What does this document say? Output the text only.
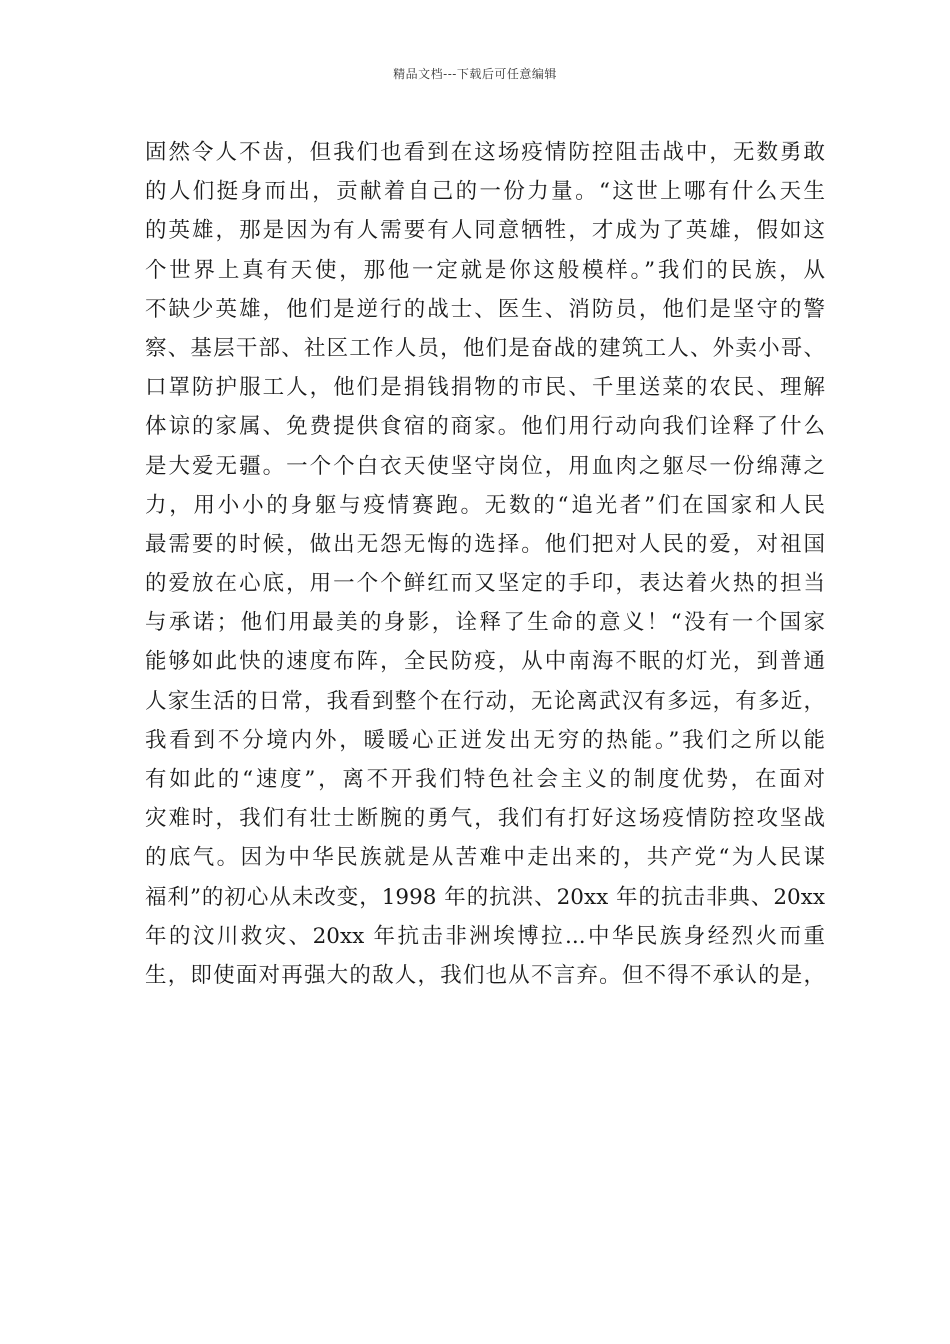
精品文档---下载后可任意编辑
固然令人不齿，但我们也看到在这场疫情防控阻击战中，无数勇敢
的人们挺身而出，贡献着自己的一份力量。“这世上哪有什么天生
的英雄，那是因为有人需要有人同意牺牲，才成为了英雄，假如这
个世界上真有天使，那他一定就是你这般模样。”我们的民族，从
不缺少英雄，他们是逆行的战士、医生、消防员，他们是坚守的警
察、基层干部、社区工作人员，他们是奋战的建筑工人、外卖小哥、
口罩防护服工人，他们是捐钱捐物的市民、千里送菜的农民、理解
体谅的家属、免费提供食宿的商家。他们用行动向我们诠释了什么
是大爱无疆。一个个白衣天使坚守岗位，用血肉之躯尽一份绵薄之
力，用小小的身躯与疫情赛跑。无数的“追光者”们在国家和人民
最需要的时候，做出无怨无悔的选择。他们把对人民的爱，对祖国
的爱放在心底，用一个个鲜红而又坚定的手印，表达着火热的担当
与承诺；他们用最美的身影，诠释了生命的意义！“没有一个国家
能够如此快的速度布阵，全民防疫，从中南海不眠的灯光，到普通
人家生活的日常，我看到整个在行动，无论离武汉有多远，有多近，
我看到不分境内外，暖暖心正迸发出无穷的热能。”我们之所以能
有如此的“速度”，离不开我们特色社会主义的制度优势，在面对
灾难时，我们有壮士断腕的勇气，我们有打好这场疫情防控攻坚战
的底气。因为中华民族就是从苦难中走出来的，共产党“为人民谋
福利”的初心从未改变，1998 年的抗洪、20xx 年的抗击非典、20xx
年的汶川救灾、20xx 年抗击非洲埃博拉...中华民族身经烈火而重
生，即使面对再强大的敌人，我们也从不言弃。但不得不承认的是，
